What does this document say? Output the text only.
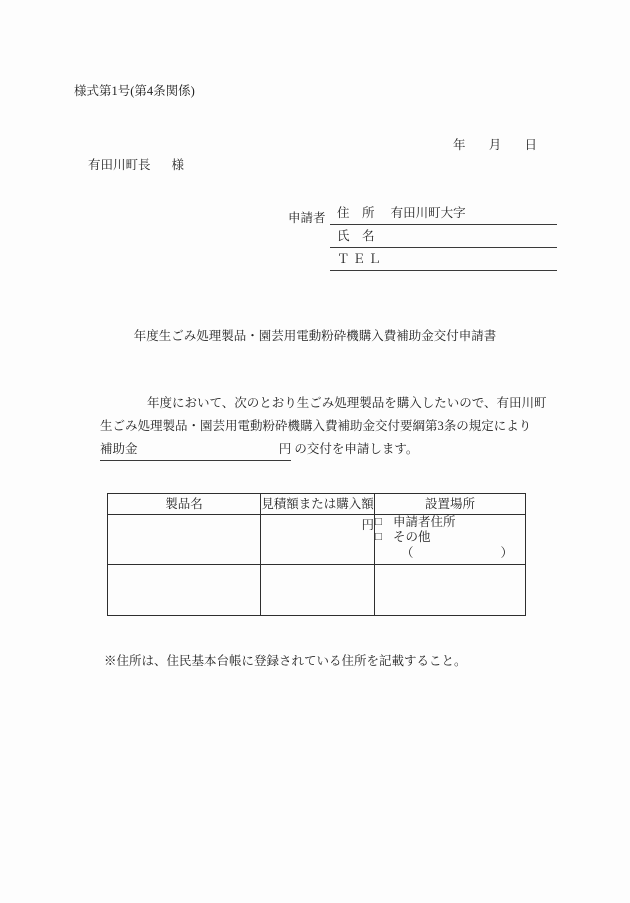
様式第1号(第4条関係)
年 月 日
有田川町長 様
申請者 住　所 有田川町大字
氏　名
Ｔ Ｅ Ｌ
年度生ごみ処理製品・園芸用電動粉砕機購入費補助金交付申請書
年度において、次のとおり生ごみ処理製品を購入したいので、有田川町
生ごみ処理製品・園芸用電動粉砕機購入費補助金交付要綱第3条の規定により
補助金	円 の交付を申請します。
製品名	見積額または購入額	設置場所
	円	□ 申請者住所
□ その他
（	）

※住所は、住民基本台帳に登録されている住所を記載すること。
